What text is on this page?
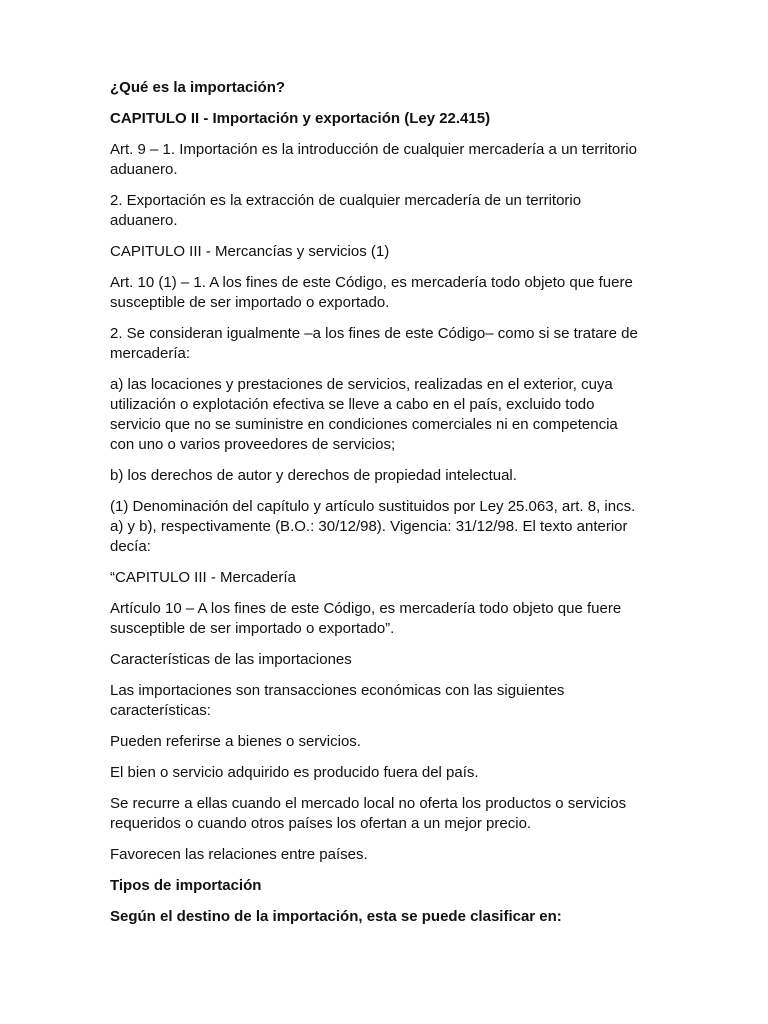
¿Qué es la importación?

CAPITULO II - Importación y exportación (Ley 22.415)

Art. 9 – 1. Importación es la introducción de cualquier mercadería a un territorio
aduanero.

2. Exportación es la extracción de cualquier mercadería de un territorio
aduanero.

CAPITULO III - Mercancías y servicios (1)

Art. 10 (1) – 1. A los fines de este Código, es mercadería todo objeto que fuere
susceptible de ser importado o exportado.

2. Se consideran igualmente –a los fines de este Código– como si se tratare de
mercadería:

a) las locaciones y prestaciones de servicios, realizadas en el exterior, cuya
utilización o explotación efectiva se lleve a cabo en el país, excluido todo
servicio que no se suministre en condiciones comerciales ni en competencia
con uno o varios proveedores de servicios;

b) los derechos de autor y derechos de propiedad intelectual.

(1) Denominación del capítulo y artículo sustituidos por Ley 25.063, art. 8, incs.
a) y b), respectivamente (B.O.: 30/12/98). Vigencia: 31/12/98. El texto anterior
decía:

“CAPITULO III - Mercadería

Artículo 10 – A los fines de este Código, es mercadería todo objeto que fuere
susceptible de ser importado o exportado”.

Características de las importaciones

Las importaciones son transacciones económicas con las siguientes
características:

Pueden referirse a bienes o servicios.

El bien o servicio adquirido es producido fuera del país.

Se recurre a ellas cuando el mercado local no oferta los productos o servicios
requeridos o cuando otros países los ofertan a un mejor precio.

Favorecen las relaciones entre países.

Tipos de importación

Según el destino de la importación, esta se puede clasificar en:
